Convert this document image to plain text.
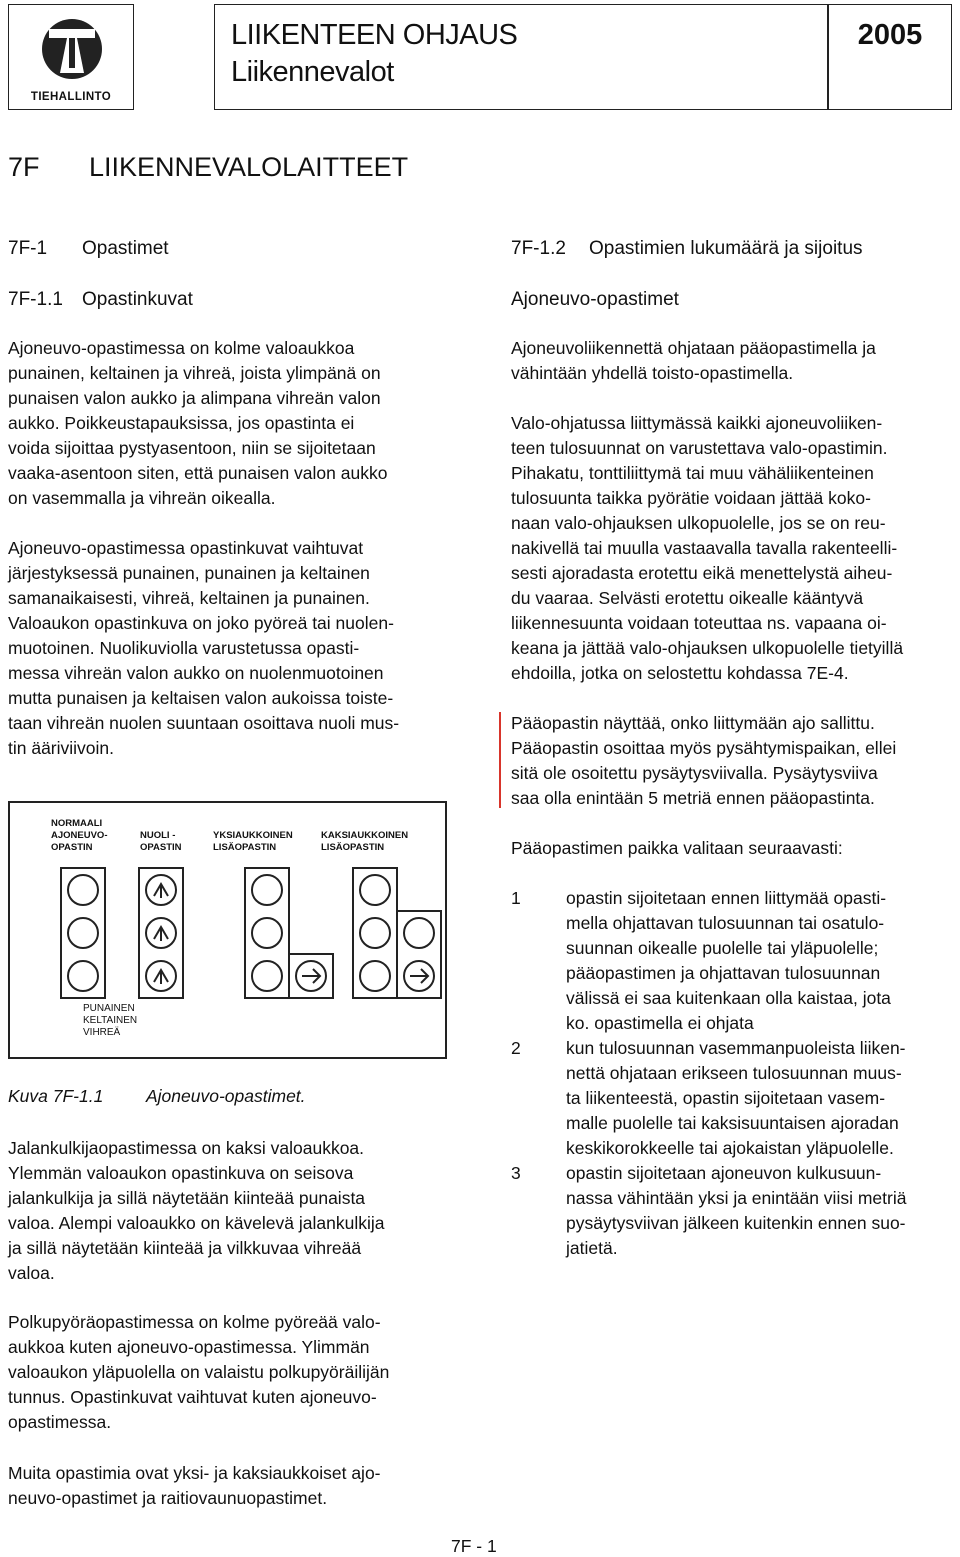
TIEHALLINTO
LIIKENTEEN OHJAUS
Liikennevalot
2005
7F LIIKENNEVALOLAITTEET
7F-1 Opastimet
7F-1.1 Opastinkuvat
Ajoneuvo-opastimessa on kolme valoaukkoa
punainen, keltainen ja vihreä, joista ylimpänä on
punaisen valon aukko ja alimpana vihreän valon
aukko. Poikkeustapauksissa, jos opastinta ei
voida sijoittaa pystyasentoon, niin se sijoitetaan
vaaka-asentoon siten, että punaisen valon aukko
on vasemmalla ja vihreän oikealla.
Ajoneuvo-opastimessa opastinkuvat vaihtuvat
järjestyksessä punainen, punainen ja keltainen
samanaikaisesti, vihreä, keltainen ja punainen.
Valoaukon opastinkuva on joko pyöreä tai nuolen-
muotoinen. Nuolikuviolla varustetussa opasti-
messa vihreän valon aukko on nuolenmuotoinen
mutta punaisen ja keltaisen valon aukoissa toiste-
taan vihreän nuolen suuntaan osoittava nuoli mus-
tin ääriviivoin.
NORMAALI
AJONEUVO-
OPASTIN
NUOLI -
OPASTIN
YKSIAUKKOINEN
LISÄOPASTIN
KAKSIAUKKOINEN
LISÄOPASTIN
PUNAINEN
KELTAINEN
VIHREÄ
Kuva 7F-1.1 Ajoneuvo-opastimet.
Jalankulkijaopastimessa on kaksi valoaukkoa.
Ylemmän valoaukon opastinkuva on seisova
jalankulkija ja sillä näytetään kiinteää punaista
valoa. Alempi valoaukko on kävelevä jalankulkija
ja sillä näytetään kiinteää ja vilkkuvaa vihreää
valoa.
Polkupyöräopastimessa on kolme pyöreää valo-
aukkoa kuten ajoneuvo-opastimessa. Ylimmän
valoaukon yläpuolella on valaistu polkupyöräilijän
tunnus. Opastinkuvat vaihtuvat kuten ajoneuvo-
opastimessa.
Muita opastimia ovat yksi- ja kaksiaukkoiset ajo-
neuvo-opastimet ja raitiovaunuopastimet.
7F-1.2 Opastimien lukumäärä ja sijoitus
Ajoneuvo-opastimet
Ajoneuvoliikennettä ohjataan pääopastimella ja
vähintään yhdellä toisto-opastimella.
Valo-ohjatussa liittymässä kaikki ajoneuvoliiken-
teen tulosuunnat on varustettava valo-opastimin.
Pihakatu, tonttiliittymä tai muu vähäliikenteinen
tulosuunta taikka pyörätie voidaan jättää koko-
naan valo-ohjauksen ulkopuolelle, jos se on reu-
nakivellä tai muulla vastaavalla tavalla rakenteelli-
sesti ajoradasta erotettu eikä menettelystä aiheu-
du vaaraa. Selvästi erotettu oikealle kääntyvä
liikennesuunta voidaan toteuttaa ns. vapaana oi-
keana ja jättää valo-ohjauksen ulkopuolelle tietyillä
ehdoilla, jotka on selostettu kohdassa 7E-4.
Pääopastin näyttää, onko liittymään ajo sallittu.
Pääopastin osoittaa myös pysähtymispaikan, ellei
sitä ole osoitettu pysäytysviivalla. Pysäytysviiva
saa olla enintään 5 metriä ennen pääopastinta.
Pääopastimen paikka valitaan seuraavasti:
1	opastin sijoitetaan ennen liittymää opasti-
mella ohjattavan tulosuunnan tai osatulo-
suunnan oikealle puolelle tai yläpuolelle;
pääopastimen ja ohjattavan tulosuunnan
välissä ei saa kuitenkaan olla kaistaa, jota
ko. opastimella ei ohjata
2	kun tulosuunnan vasemmanpuoleista liiken-
nettä ohjataan erikseen tulosuunnan muus-
ta liikenteestä, opastin sijoitetaan vasem-
malle puolelle tai kaksisuuntaisen ajoradan
keskikorokkeelle tai ajokaistan yläpuolelle.
3	opastin sijoitetaan ajoneuvon kulkusuun-
nassa vähintään yksi ja enintään viisi metriä
pysäytysviivan jälkeen kuitenkin ennen suo-
jatietä.
7F - 1
